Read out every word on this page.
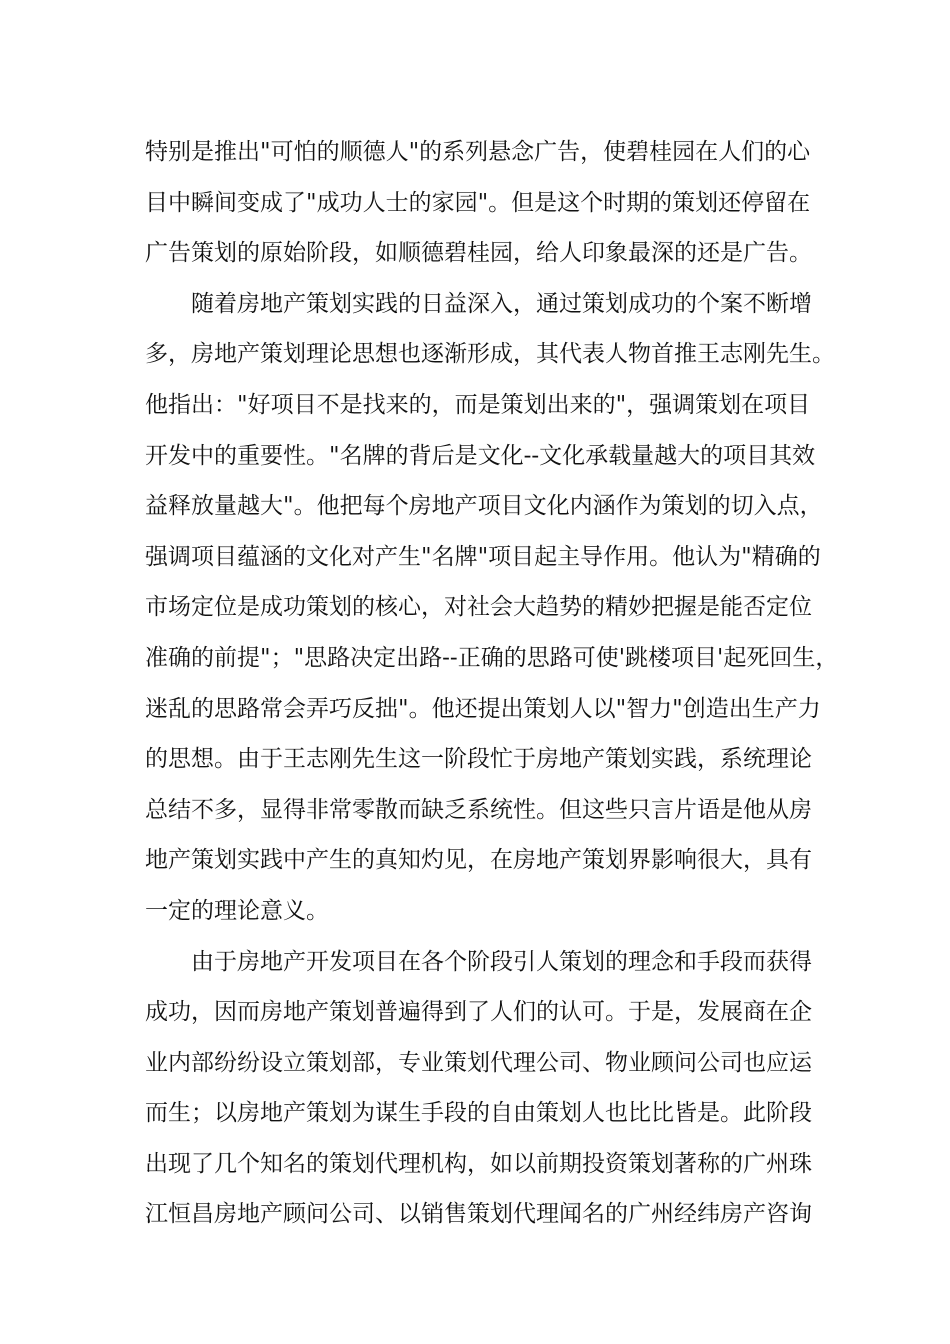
特别是推出"可怕的顺德人"的系列悬念广告，使碧桂园在人们的心
目中瞬间变成了"成功人士的家园"。但是这个时期的策划还停留在
广告策划的原始阶段，如顺德碧桂园，给人印象最深的还是广告。
随着房地产策划实践的日益深入，通过策划成功的个案不断增
多，房地产策划理论思想也逐渐形成，其代表人物首推王志刚先生。
他指出："好项目不是找来的，而是策划出来的"，强调策划在项目
开发中的重要性。"名牌的背后是文化--文化承载量越大的项目其效
益释放量越大"。他把每个房地产项目文化内涵作为策划的切入点，
强调项目蕴涵的文化对产生"名牌"项目起主导作用。他认为"精确的
市场定位是成功策划的核心，对社会大趋势的精妙把握是能否定位
准确的前提"；"思路决定出路--正确的思路可使'跳楼项目'起死回生，
迷乱的思路常会弄巧反拙"。他还提出策划人以"智力"创造出生产力
的思想。由于王志刚先生这一阶段忙于房地产策划实践，系统理论
总结不多，显得非常零散而缺乏系统性。但这些只言片语是他从房
地产策划实践中产生的真知灼见，在房地产策划界影响很大，具有
一定的理论意义。
由于房地产开发项目在各个阶段引人策划的理念和手段而获得
成功，因而房地产策划普遍得到了人们的认可。于是，发展商在企
业内部纷纷设立策划部，专业策划代理公司、物业顾问公司也应运
而生；以房地产策划为谋生手段的自由策划人也比比皆是。此阶段
出现了几个知名的策划代理机构，如以前期投资策划著称的广州珠
江恒昌房地产顾问公司、以销售策划代理闻名的广州经纬房产咨询
